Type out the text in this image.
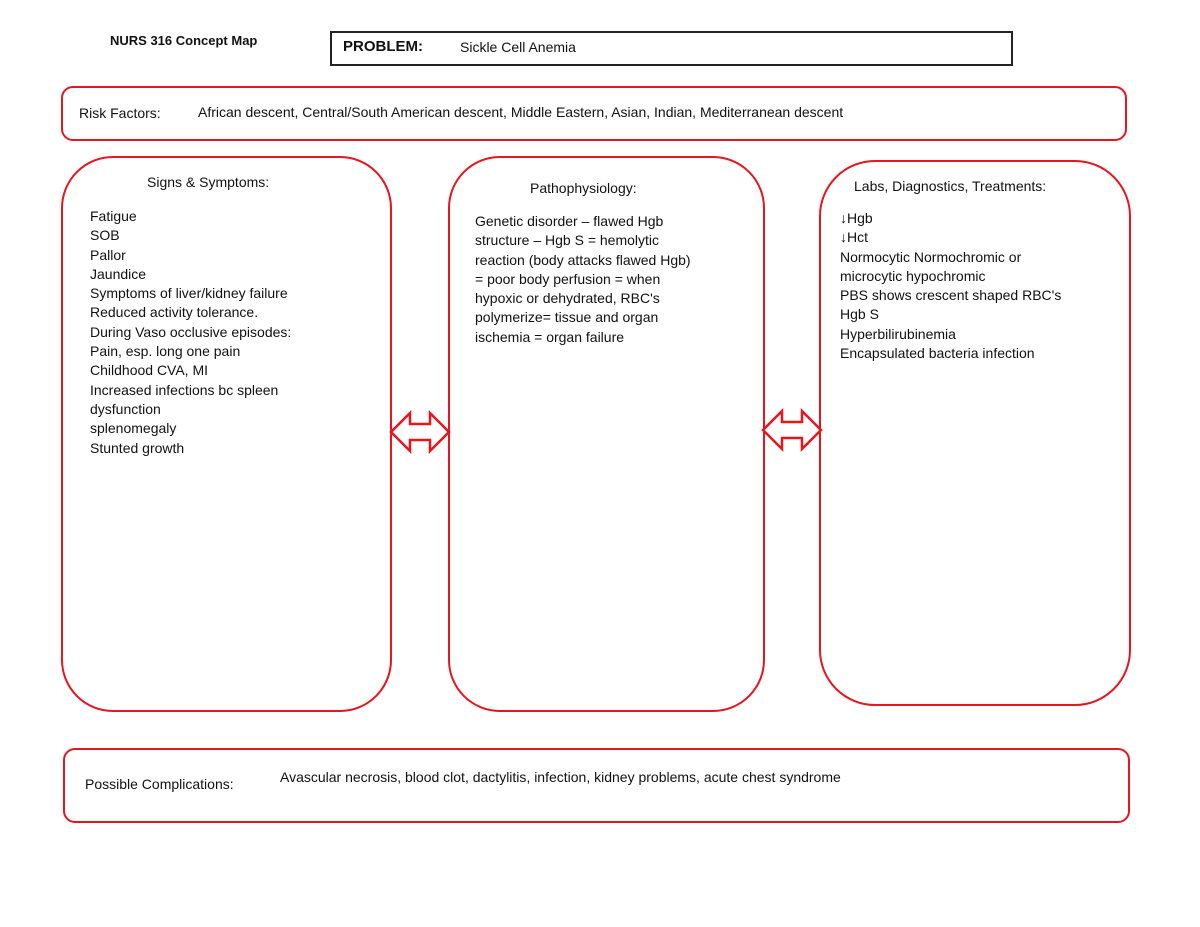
NURS 316 Concept Map	PROBLEM:	Sickle Cell Anemia
Risk Factors:	African descent, Central/South American descent, Middle Eastern, Asian, Indian, Mediterranean descent
Signs & Symptoms:	Pathophysiology:	Labs, Diagnostics, Treatments:
Fatigue
SOB
Pallor
Jaundice
Symptoms of liver/kidney failure
Reduced activity tolerance.
During Vaso occlusive episodes:
Pain, esp. long one pain
Childhood CVA, MI
Increased infections bc spleen
dysfunction
splenomegaly
Stunted growth
Genetic disorder – flawed Hgb
structure – Hgb S = hemolytic
reaction (body attacks flawed Hgb)
= poor body perfusion = when
hypoxic or dehydrated, RBC's
polymerize= tissue and organ
ischemia = organ failure
↓Hgb
↓Hct
Normocytic Normochromic or
microcytic hypochromic
PBS shows crescent shaped RBC's
Hgb S
Hyperbilirubinemia
Encapsulated bacteria infection
Possible Complications:	Avascular necrosis, blood clot, dactylitis, infection, kidney problems, acute chest syndrome
